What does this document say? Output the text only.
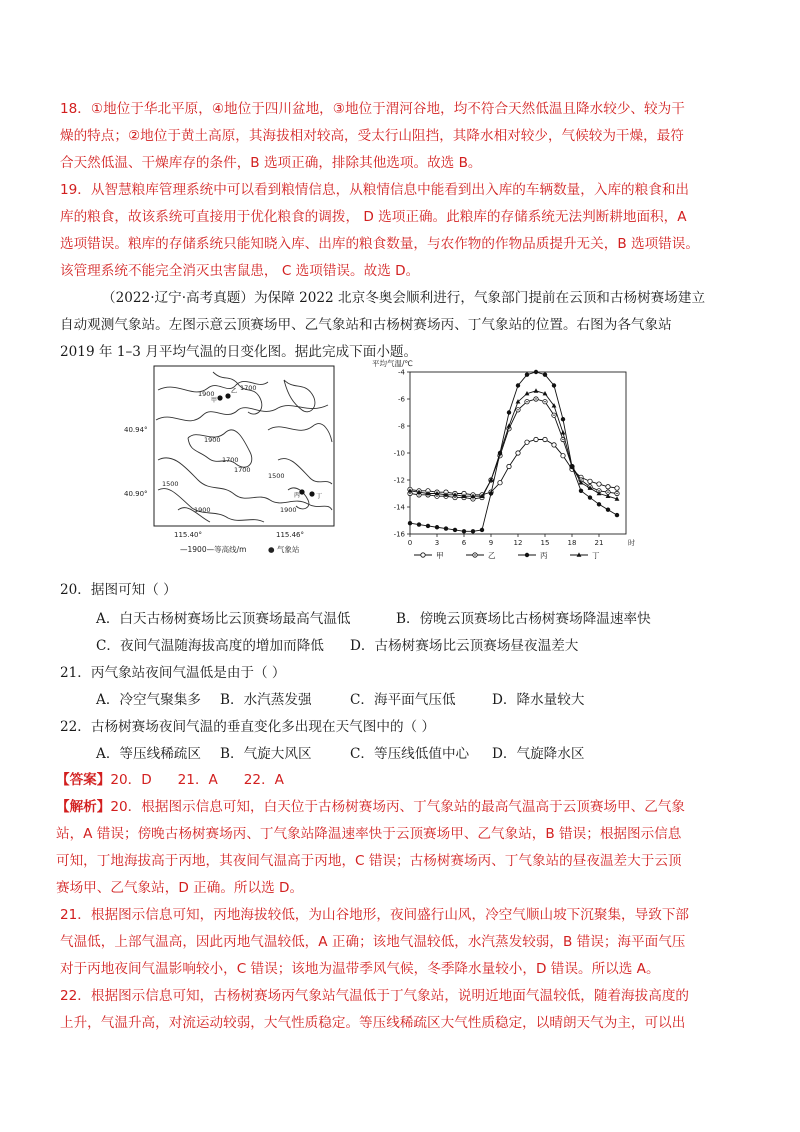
18．①地位于华北平原，④地位于四川盆地，③地位于渭河谷地，均不符合天然低温且降水较少、较为干
燥的特点；②地位于黄土高原，其海拔相对较高，受太行山阻挡，其降水相对较少，气候较为干燥，最符
合天然低温、干燥库存的条件，B 选项正确，排除其他选项。故选 B。
19．从智慧粮库管理系统中可以看到粮情信息，从粮情信息中能看到出入库的车辆数量，入库的粮食和出
库的粮食，故该系统可直接用于优化粮食的调拨， D 选项正确。此粮库的存储系统无法判断耕地面积，A
选项错误。粮库的存储系统只能知晓入库、出库的粮食数量，与农作物的作物品质提升无关，B 选项错误。
该管理系统不能完全消灭虫害鼠患， C 选项错误。故选 D。
（2022·辽宁·高考真题）为保障 2022 北京冬奥会顺利进行，气象部门提前在云顶和古杨树赛场建立
自动观测气象站。左图示意云顶赛场甲、乙气象站和古杨树赛场丙、丁气象站的位置。右图为各气象站
2019 年 1–3 月平均气温的日变化图。据此完成下面小题。
1900
1700
1900
1700
1500
1900	1900
1700
1500
甲
乙
丙	丁
40.94°
40.90°
115.40°	115.46°
—1900—等高线/m	● 气象站
平均气温/℃
-16
-14
-12
-10
-8
-6
-4
0	3	6	9	12	15	18	21	时
甲	乙	丙	丁
20．据图可知（ ）
A．白天古杨树赛场比云顶赛场最高气温低	B．傍晚云顶赛场比古杨树赛场降温速率快
C．夜间气温随海拔高度的增加而降低 D．古杨树赛场比云顶赛场昼夜温差大
21．丙气象站夜间气温低是由于（ ）
A．冷空气聚集多 B．水汽蒸发强	C．海平面气压低	D．降水量较大
22．古杨树赛场夜间气温的垂直变化多出现在天气图中的（ ）
A．等压线稀疏区 B．气旋大风区	C．等压线低值中心 D．气旋降水区
【答案】20．D      21．A      22．A
【解析】20．根据图示信息可知，白天位于古杨树赛场丙、丁气象站的最高气温高于云顶赛场甲、乙气象
站，A 错误；傍晚古杨树赛场丙、丁气象站降温速率快于云顶赛场甲、乙气象站，B 错误；根据图示信息
可知，丁地海拔高于丙地，其夜间气温高于丙地，C 错误；古杨树赛场丙、丁气象站的昼夜温差大于云顶
赛场甲、乙气象站，D 正确。所以选 D。
21．根据图示信息可知，丙地海拔较低，为山谷地形，夜间盛行山风，冷空气顺山坡下沉聚集，导致下部
气温低，上部气温高，因此丙地气温较低，A 正确；该地气温较低，水汽蒸发较弱，B 错误；海平面气压
对于丙地夜间气温影响较小，C 错误；该地为温带季风气候，冬季降水量较小，D 错误。所以选 A。
22．根据图示信息可知，古杨树赛场丙气象站气温低于丁气象站，说明近地面气温较低，随着海拔高度的
上升，气温升高，对流运动较弱，大气性质稳定。等压线稀疏区大气性质稳定，以晴朗天气为主，可以出
